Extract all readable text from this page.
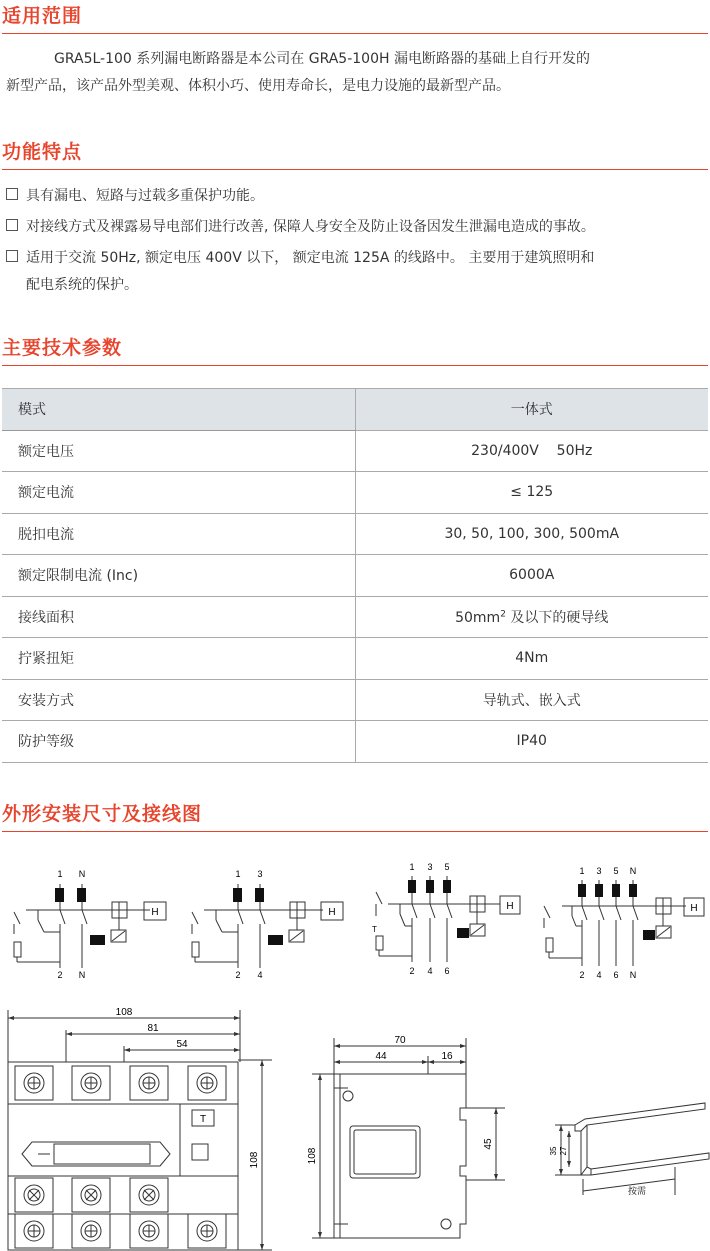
适用范围
GRA5L-100 系列漏电断路器是本公司在 GRA5-100H 漏电断路器的基础上自行开发的
新型产品，该产品外型美观、体积小巧、使用寿命长，是电力设施的最新型产品。
功能特点
具有漏电、短路与过载多重保护功能。
对接线方式及裸露易导电部们进行改善, 保障人身安全及防止设备因发生泄漏电造成的事故。
适用于交流 50Hz, 额定电压 400V 以下， 额定电流 125A 的线路中。 主要用于建筑照明和
配电系统的保护。
主要技术参数
模式	一体式
额定电压	230/400V    50Hz
额定电流	≤ 125
脱扣电流	30, 50, 100, 300, 500mA
额定限制电流 (Inc)	6000A
接线面积	$50mm^2$ 及以下的硬导线
拧紧扭矩	4Nm
安装方式	导轨式、嵌入式
防护等级	IP40
外形安装尺寸及接线图
1 N
2 N
H
1 3
2 4
H
1 3 5
2 4 6
H
T
1 3 5 N
2 4 6 N
H
108
81
54
T
108
70
44	16
108
45
35 27
按需
